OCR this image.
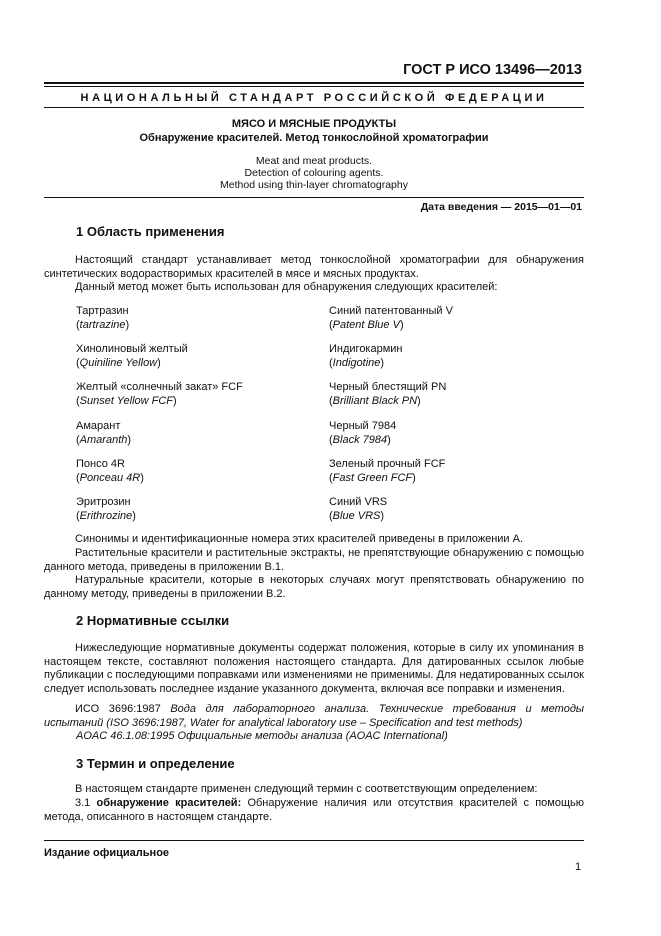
ГОСТ Р ИСО 13496—2013
НАЦИОНАЛЬНЫЙ СТАНДАРТ РОССИЙСКОЙ ФЕДЕРАЦИИ
МЯСО И МЯСНЫЕ ПРОДУКТЫ
Обнаружение красителей. Метод тонкослойной хроматографии
Meat and meat products.
Detection of colouring agents.
Method using thin-layer chromatography
Дата введения — 2015—01—01
1 Область применения
Настоящий стандарт устанавливает метод тонкослойной хроматографии для обнаружения синтетических водорастворимых красителей в мясе и мясных продуктах.
Данный метод может быть использован для обнаружения следующих красителей:
Тартразин
(tartrazine)
Хинолиновый желтый
(Quiniline Yellow)
Желтый «солнечный закат» FCF
(Sunset Yellow FCF)
Амарант
(Amaranth)
Понсо 4R
(Ponceau 4R)
Эритрозин
(Erithrozine)
Синий патентованный V
(Patent Blue V)
Индигокармин
(Indigotine)
Черный блестящий PN
(Brilliant Black PN)
Черный 7984
(Black 7984)
Зеленый прочный FCF
(Fast Green FCF)
Синий VRS
(Blue VRS)
Синонимы и идентификационные номера этих красителей приведены в приложении А.
Растительные красители и растительные экстракты, не препятствующие обнаружению с помощью данного метода, приведены в приложении В.1.
Натуральные красители, которые в некоторых случаях могут препятствовать обнаружению по данному методу, приведены в приложении В.2.
2 Нормативные ссылки
Нижеследующие нормативные документы содержат положения, которые в силу их упоминания в настоящем тексте, составляют положения настоящего стандарта. Для датированных ссылок любые публикации с последующими поправками или изменениями не применимы. Для недатированных ссылок следует использовать последнее издание указанного документа, включая все поправки и изменения.
ИСО 3696:1987 Вода для лабораторного анализа. Технические требования и методы испытаний (ISO 3696:1987, Water for analytical laboratory use – Specification and test methods)
AOAC 46.1.08:1995 Официальные методы анализа (AOAC International)
3 Термин и определение
В настоящем стандарте применен следующий термин с соответствующим определением:
3.1 обнаружение красителей: Обнаружение наличия или отсутствия красителей с помощью метода, описанного в настоящем стандарте.
Издание официальное
1
